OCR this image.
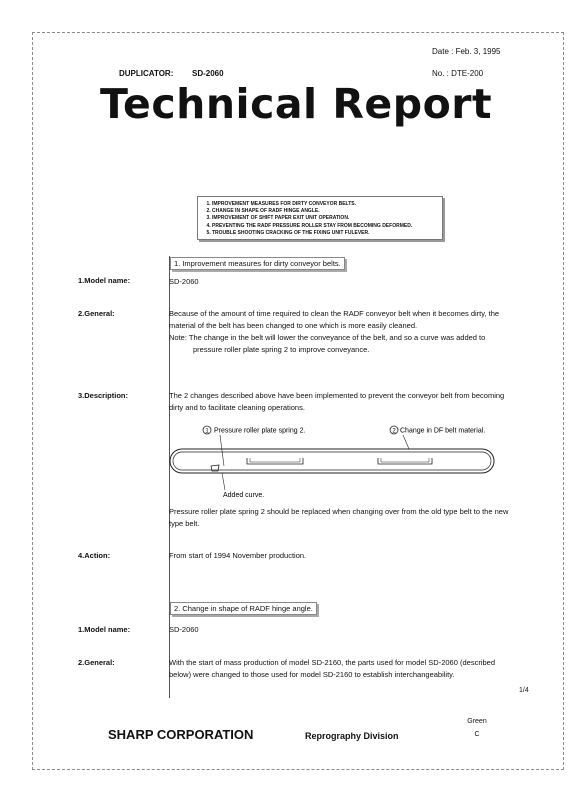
Date : Feb. 3, 1995
No. : DTE-200
DUPLICATOR: SD-2060
Technical Report
1. IMPROVEMENT MEASURES FOR DIRTY CONVEYOR BELTS.
2. CHANGE IN SHAPE OF RADF HINGE ANGLE.
3. IMPROVEMENT OF SHIFT PAPER EXIT UNIT OPERATION.
4. PREVENTING THE RADF PRESSURE ROLLER STAY FROM BECOMING DEFORMED.
5. TROUBLE SHOOTING CRACKING OF THE FIXING UNIT FULEVER.
1. Improvement measures for dirty conveyor belts.
1.Model name:	SD-2060
2.General:	Because of the amount of time required to clean the RADF conveyor belt when it becomes dirty, the material of the belt has been changed to one which is more easily cleaned.
Note: The change in the belt will lower the conveyance of the belt, and so a curve was added to pressure roller plate spring 2 to improve conveyance.
3.Description:	The 2 changes described above have been implemented to prevent the conveyor belt from becoming dirty and to facilitate cleaning operations.
1 Pressure roller plate spring 2.	2 Change in DF belt material.
Added curve.
Pressure roller plate spring 2 should be replaced when changing over from the old type belt to the new type belt.
4.Action:	From start of 1994 November production.
2. Change in shape of RADF hinge angle.
1.Model name:	SD-2060
2.General:	With the start of mass production of model SD-2160, the parts used for model SD-2060 (described below) were changed to those used for model SD-2160 to establish interchangeability.
1/4
Green
C
SHARP CORPORATION	Reprography Division
